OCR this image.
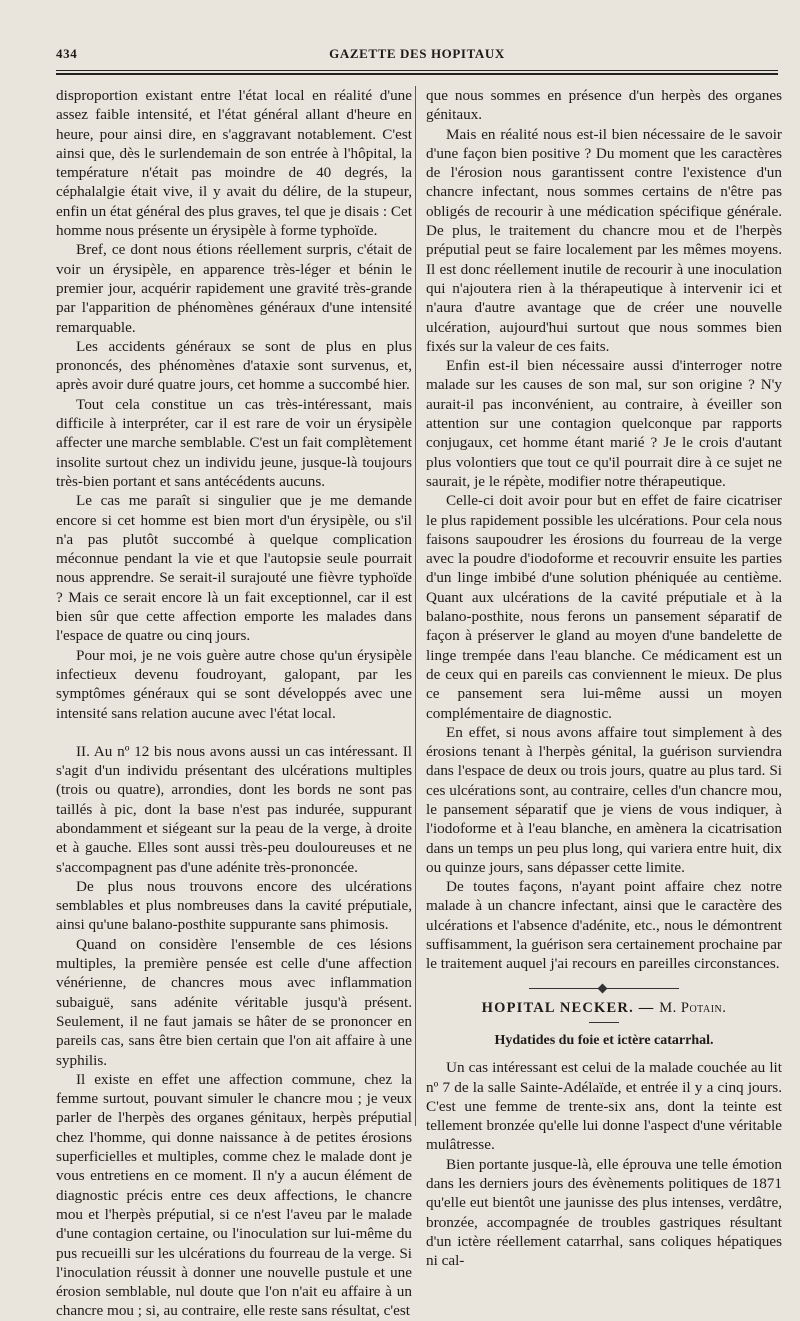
434	GAZETTE DES HOPITAUX

disproportion existant entre l'état local en réalité d'une assez faible intensité, et l'état général allant d'heure en heure, pour ainsi dire, en s'aggravant notablement. C'est ainsi que, dès le surlendemain de son entrée à l'hôpital, la température n'était pas moindre de 40 degrés, la céphalalgie était vive, il y avait du délire, de la stupeur, enfin un état général des plus graves, tel que je disais : Cet homme nous présente un érysipèle à forme typhoïde.

Bref, ce dont nous étions réellement surpris, c'était de voir un érysipèle, en apparence très-léger et bénin le premier jour, acquérir rapidement une gravité très-grande par l'apparition de phénomènes généraux d'une intensité remarquable.

Les accidents généraux se sont de plus en plus prononcés, des phénomènes d'ataxie sont survenus, et, après avoir duré quatre jours, cet homme a succombé hier.

Tout cela constitue un cas très-intéressant, mais difficile à interpréter, car il est rare de voir un érysipèle affecter une marche semblable. C'est un fait complètement insolite surtout chez un individu jeune, jusque-là toujours très-bien portant et sans antécédents aucuns.

Le cas me paraît si singulier que je me demande encore si cet homme est bien mort d'un érysipèle, ou s'il n'a pas plutôt succombé à quelque complication méconnue pendant la vie et que l'autopsie seule pourrait nous apprendre. Se serait-il surajouté une fièvre typhoïde ? Mais ce serait encore là un fait exceptionnel, car il est bien sûr que cette affection emporte les malades dans l'espace de quatre ou cinq jours.

Pour moi, je ne vois guère autre chose qu'un érysipèle infectieux devenu foudroyant, galopant, par les symptômes généraux qui se sont développés avec une intensité sans relation aucune avec l'état local.

II. Au nº 12 bis nous avons aussi un cas intéressant. Il s'agit d'un individu présentant des ulcérations multiples (trois ou quatre), arrondies, dont les bords ne sont pas taillés à pic, dont la base n'est pas indurée, suppurant abondamment et siégeant sur la peau de la verge, à droite et à gauche. Elles sont aussi très-peu douloureuses et ne s'accompagnent pas d'une adénite très-prononcée.

De plus nous trouvons encore des ulcérations semblables et plus nombreuses dans la cavité préputiale, ainsi qu'une balano-posthite suppurante sans phimosis.

Quand on considère l'ensemble de ces lésions multiples, la première pensée est celle d'une affection vénérienne, de chancres mous avec inflammation subaiguë, sans adénite véritable jusqu'à présent. Seulement, il ne faut jamais se hâter de se prononcer en pareils cas, sans être bien certain que l'on ait affaire à une syphilis.

Il existe en effet une affection commune, chez la femme surtout, pouvant simuler le chancre mou ; je veux parler de l'herpès des organes génitaux, herpès préputial chez l'homme, qui donne naissance à de petites érosions superficielles et multiples, comme chez le malade dont je vous entretiens en ce moment. Il n'y a aucun élément de diagnostic précis entre ces deux affections, le chancre mou et l'herpès préputial, si ce n'est l'aveu par le malade d'une contagion certaine, ou l'inoculation sur lui-même du pus recueilli sur les ulcérations du fourreau de la verge. Si l'inoculation réussit à donner une nouvelle pustule et une érosion semblable, nul doute que l'on n'ait eu affaire à un chancre mou ; si, au contraire, elle reste sans résultat, c'est

que nous sommes en présence d'un herpès des organes génitaux.

Mais en réalité nous est-il bien nécessaire de le savoir d'une façon bien positive ? Du moment que les caractères de l'érosion nous garantissent contre l'existence d'un chancre infectant, nous sommes certains de n'être pas obligés de recourir à une médication spécifique générale. De plus, le traitement du chancre mou et de l'herpès préputial peut se faire localement par les mêmes moyens. Il est donc réellement inutile de recourir à une inoculation qui n'ajoutera rien à la thérapeutique à intervenir ici et n'aura d'autre avantage que de créer une nouvelle ulcération, aujourd'hui surtout que nous sommes bien fixés sur la valeur de ces faits.

Enfin est-il bien nécessaire aussi d'interroger notre malade sur les causes de son mal, sur son origine ? N'y aurait-il pas inconvénient, au contraire, à éveiller son attention sur une contagion quelconque par rapports conjugaux, cet homme étant marié ? Je le crois d'autant plus volontiers que tout ce qu'il pourrait dire à ce sujet ne saurait, je le répète, modifier notre thérapeutique.

Celle-ci doit avoir pour but en effet de faire cicatriser le plus rapidement possible les ulcérations. Pour cela nous faisons saupoudrer les érosions du fourreau de la verge avec la poudre d'iodoforme et recouvrir ensuite les parties d'un linge imbibé d'une solution phéniquée au centième. Quant aux ulcérations de la cavité préputiale et à la balano-posthite, nous ferons un pansement séparatif de façon à préserver le gland au moyen d'une bandelette de linge trempée dans l'eau blanche. Ce médicament est un de ceux qui en pareils cas conviennent le mieux. De plus ce pansement sera lui-même aussi un moyen complémentaire de diagnostic.

En effet, si nous avons affaire tout simplement à des érosions tenant à l'herpès génital, la guérison surviendra dans l'espace de deux ou trois jours, quatre au plus tard. Si ces ulcérations sont, au contraire, celles d'un chancre mou, le pansement séparatif que je viens de vous indiquer, à l'iodoforme et à l'eau blanche, en amènera la cicatrisation dans un temps un peu plus long, qui variera entre huit, dix ou quinze jours, sans dépasser cette limite.

De toutes façons, n'ayant point affaire chez notre malade à un chancre infectant, ainsi que le caractère des ulcérations et l'absence d'adénite, etc., nous le démontrent suffisamment, la guérison sera certainement prochaine par le traitement auquel j'ai recours en pareilles circonstances.

HOPITAL NECKER. — M. Potain.
Hydatides du foie et ictère catarrhal.

Un cas intéressant est celui de la malade couchée au lit nº 7 de la salle Sainte-Adélaïde, et entrée il y a cinq jours. C'est une femme de trente-six ans, dont la teinte est tellement bronzée qu'elle lui donne l'aspect d'une véritable mulâtresse.

Bien portante jusque-là, elle éprouva une telle émotion dans les derniers jours des évènements politiques de 1871 qu'elle eut bientôt une jaunisse des plus intenses, verdâtre, bronzée, accompagnée de troubles gastriques résultant d'un ictère réellement catarrhal, sans coliques hépatiques ni cal-
